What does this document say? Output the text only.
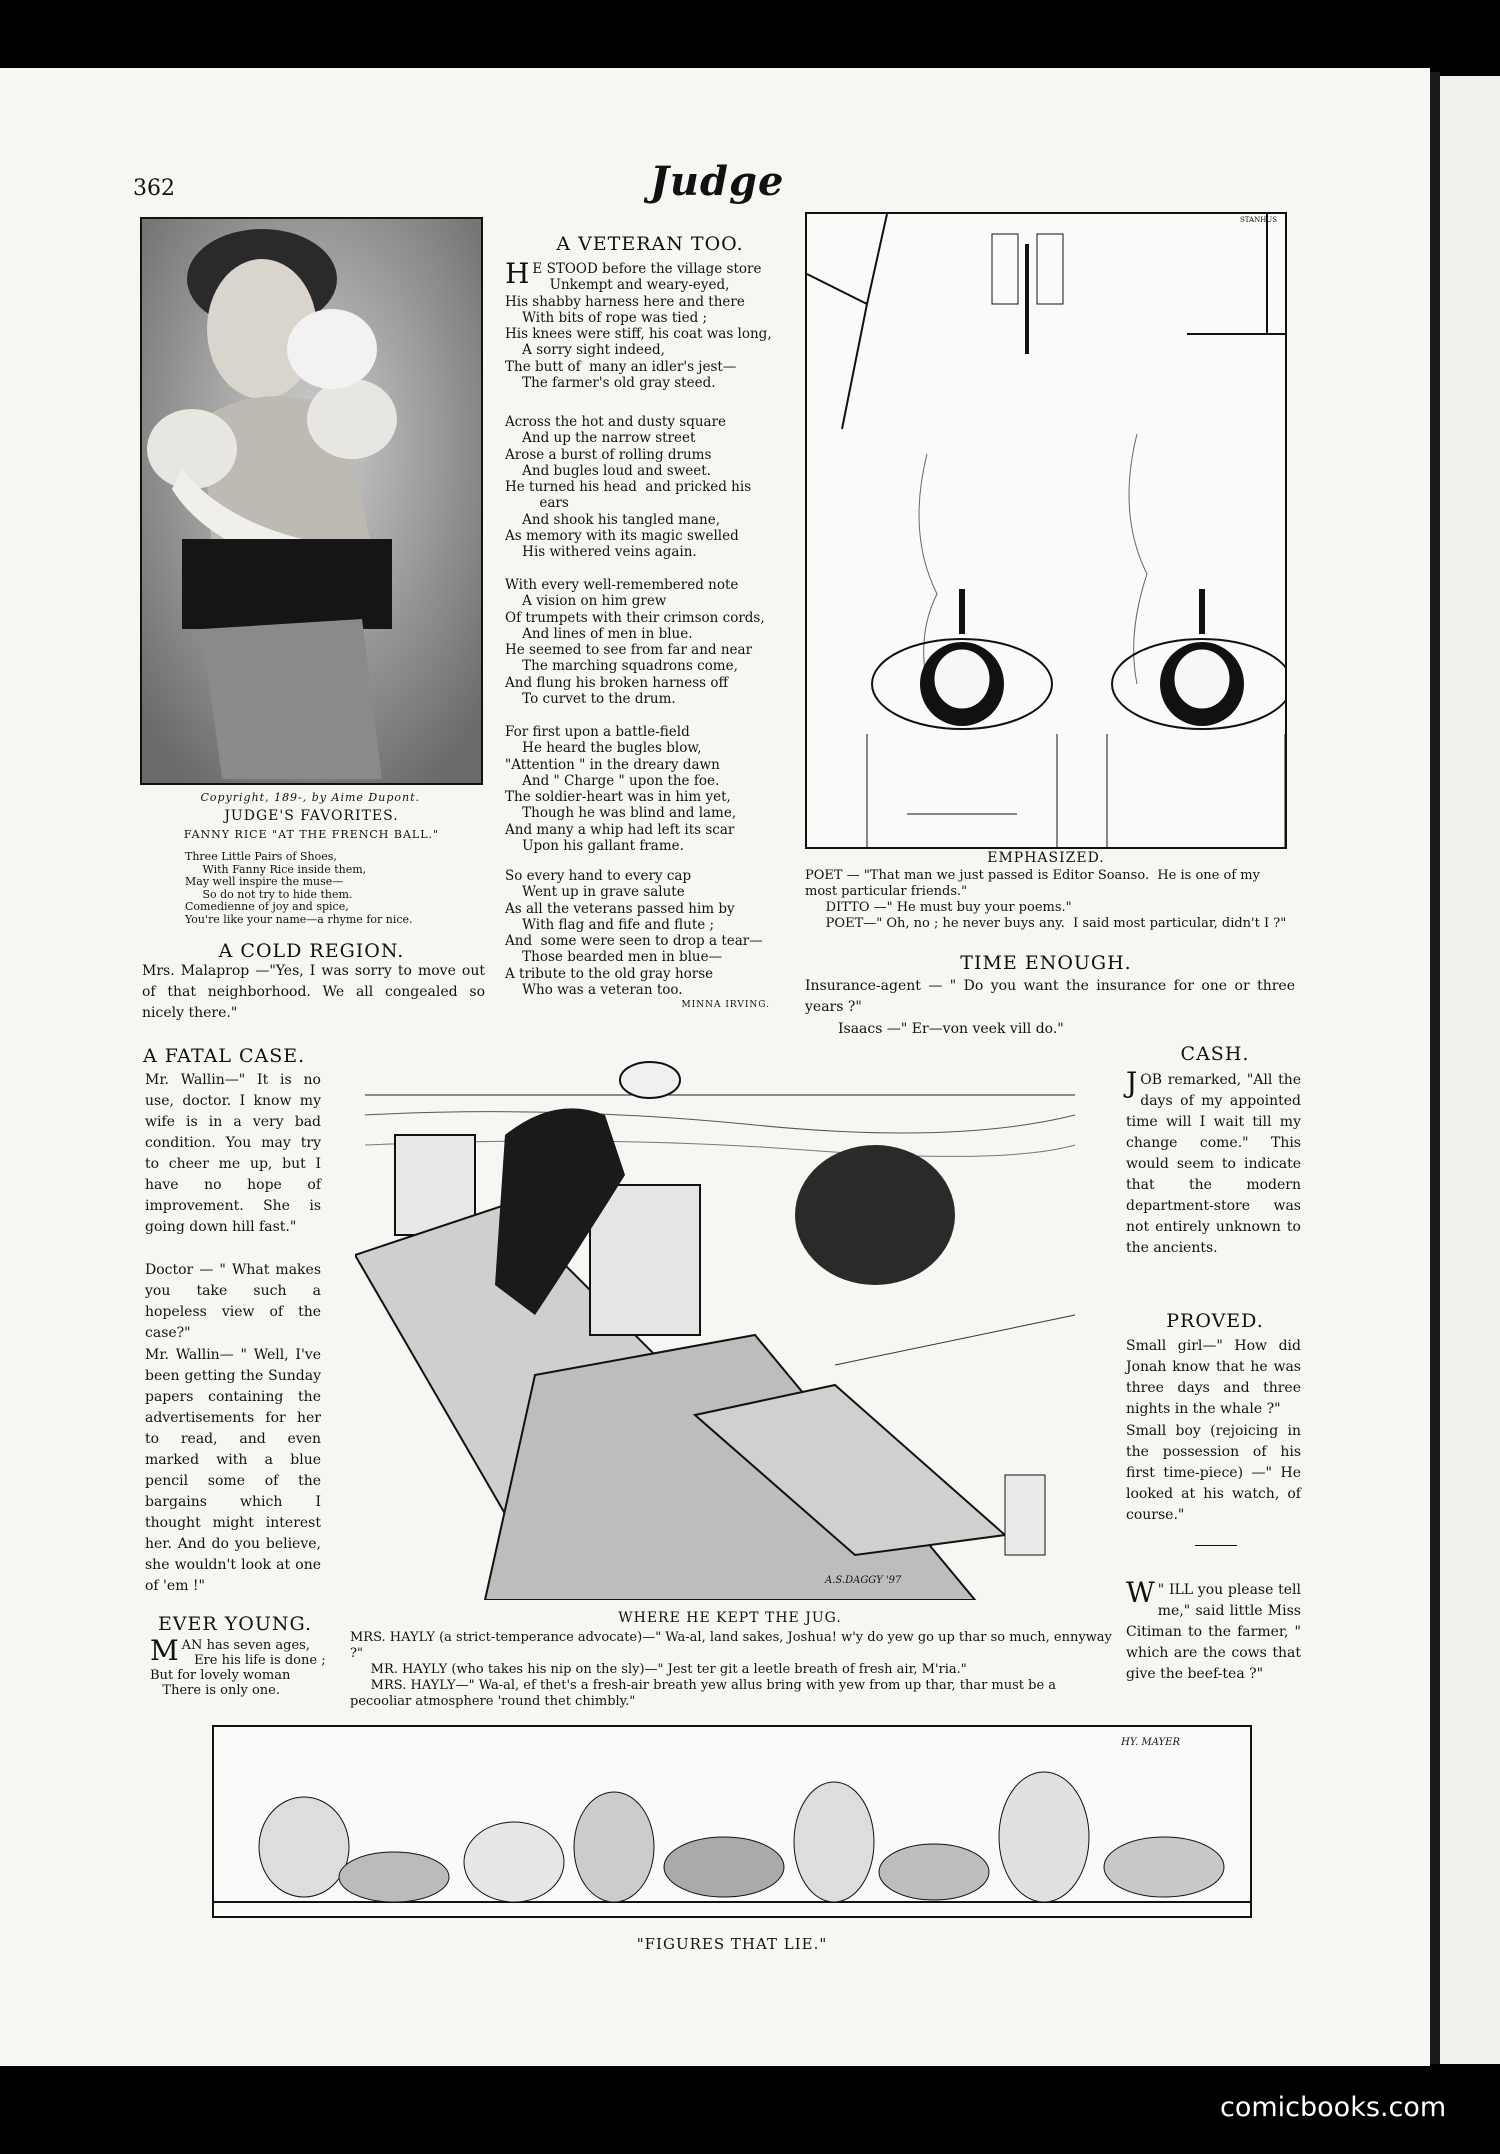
362	Judge
Copyright, 189-, by Aime Dupont.
JUDGE'S FAVORITES.
FANNY RICE "AT THE FRENCH BALL."
Three Little Pairs of Shoes,
With Fanny Rice inside them,
May well inspire the muse—
So do not try to hide them.
Comedienne of joy and spice,
You're like your name—a rhyme for nice.
A COLD REGION.
Mrs. Malaprop —"Yes, I was sorry to move out of that neighborhood. We all congealed so nicely there."
A VETERAN TOO.
H E STOOD before the village store
Unkempt and weary-eyed,
His shabby harness here and there
With bits of rope was tied ;
His knees were stiff, his coat was long,
A sorry sight indeed,
The butt of  many an idler's jest—
The farmer's old gray steed.
Across the hot and dusty square
And up the narrow street
Arose a burst of rolling drums
And bugles loud and sweet.
He turned his head  and pricked his
ears
And shook his tangled mane,
As memory with its magic swelled
His withered veins again.
With every well-remembered note
A vision on him grew
Of trumpets with their crimson cords,
And lines of men in blue.
He seemed to see from far and near
The marching squadrons come,
And flung his broken harness off
To curvet to the drum.
For first upon a battle-field
He heard the bugles blow,
"Attention " in the dreary dawn
And " Charge " upon the foe.
The soldier-heart was in him yet,
Though he was blind and lame,
And many a whip had left its scar
Upon his gallant frame.
So every hand to every cap
Went up in grave salute
As all the veterans passed him by
With flag and fife and flute ;
And  some were seen to drop a tear—
Those bearded men in blue—
A tribute to the old gray horse
Who was a veteran too.
MINNA IRVING.
STANHUS
EMPHASIZED.
POET — "That man we just passed is Editor Soanso.  He is one of my most particular friends."
DITTO —" He must buy your poems."
POET—" Oh, no ; he never buys any.  I said most particular, didn't I ?"
TIME ENOUGH.
Insurance-agent — " Do you want the insurance for one or three years ?"
Isaacs —" Er—von veek vill do."
A FATAL CASE.
Mr. Wallin—" It is no use, doctor. I know my wife is in a very bad condition. You may try to cheer me up, but I have no hope of improvement. She is going down hill fast."
Doctor — " What makes you take such a hopeless view of the case?"
Mr. Wallin— " Well, I've been getting the Sunday papers containing the advertisements for her to read, and even marked with a blue pencil some of the bargains which I thought might interest her. And do you believe, she wouldn't look at one of 'em !"
EVER YOUNG.
M AN has seven ages,
Ere his life is done ;
But for lovely woman
There is only one.
A.S.DAGGY '97
WHERE HE KEPT THE JUG.
MRS. HAYLY (a strict-temperance advocate)—" Wa-al, land sakes, Joshua! w'y do yew go up thar so much, ennyway ?"
MR. HAYLY (who takes his nip on the sly)—" Jest ter git a leetle breath of fresh air, M'ria."
MRS. HAYLY—" Wa-al, ef thet's a fresh-air breath yew allus bring with yew from up thar, thar must be a pecooliar atmosphere 'round thet chimbly."
CASH.
JOB remarked, "All the days of my appointed time will I wait till my change come." This would seem to indicate that the modern department-store was not entirely unknown to the ancients.
PROVED.
Small girl—" How did Jonah know that he was three days and three nights in the whale ?"
Small boy (rejoicing in the possession of his first time-piece) —" He looked at his watch, of course."
W " ILL you please tell me," said little Miss Citiman to the farmer, " which are the cows that give the beef-tea ?"
HY. MAYER
"FIGURES THAT LIE."
comicbooks.com
